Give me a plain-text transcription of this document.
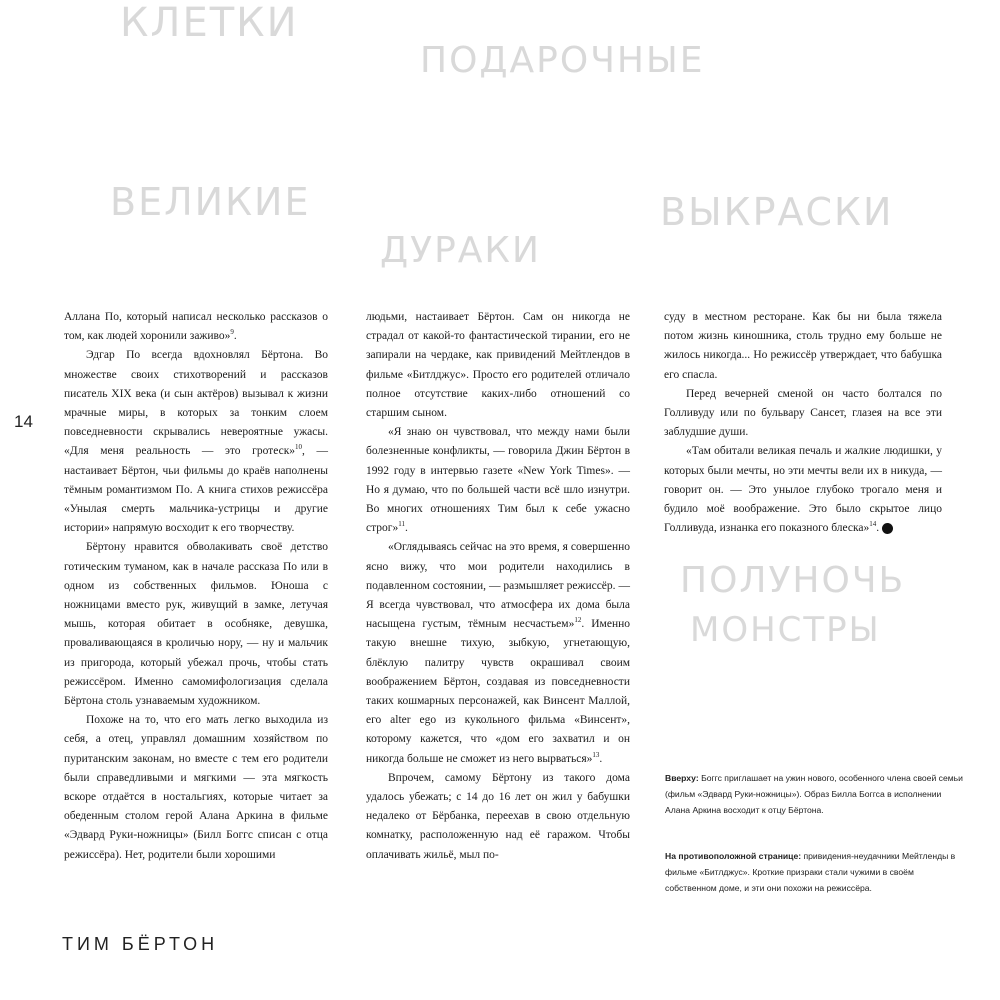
КЛЕТКИ
ПОДАРОЧНЫЕ
ВЕЛИКИЕ
ДУРАКИ
ВЫКРАСКИ
ПОЛУНОЧЬ
МОНСТРЫ
14

Аллана По, который написал несколько рассказов о том, как людей хоронили заживо»$^9$.

Эдгар По всегда вдохновлял Бёртона. Во множестве своих стихотворений и рассказов писатель XIX века (и сын актёров) вызывал к жизни мрачные миры, в которых за тонким слоем повседневности скрывались невероятные ужасы. «Для меня реальность — это гротеск»$^{10}$, — настаивает Бёртон, чьи фильмы до краёв наполнены тёмным романтизмом По. А книга стихов режиссёра «Унылая смерть мальчика-устрицы и другие истории» напрямую восходит к его творчеству.

Бёртону нравится обволакивать своё детство готическим туманом, как в начале рассказа По или в одном из собственных фильмов. Юноша с ножницами вместо рук, живущий в замке, летучая мышь, которая обитает в особняке, девушка, проваливающаяся в кроличью нору, — ну и мальчик из пригорода, который убежал прочь, чтобы стать режиссёром. Именно самомифологизация сделала Бёртона столь узнаваемым художником.

Похоже на то, что его мать легко выходила из себя, а отец, управлял домашним хозяйством по пуританским законам, но вместе с тем его родители были справедливыми и мягкими — эта мягкость вскоре отдаётся в ностальгиях, которые читает за обеденным столом герой Алана Аркина в фильме «Эдвард Руки-ножницы» (Билл Боггс списан с отца режиссёра). Нет, родители были хорошими

людьми, настаивает Бёртон. Сам он никогда не страдал от какой-то фантастической тирании, его не запирали на чердаке, как привидений Мейтлендов в фильме «Битлджус». Просто его родителей отличало полное отсутствие каких-либо отношений со старшим сыном.

«Я знаю он чувствовал, что между нами были болезненные конфликты, — говорила Джин Бёртон в 1992 году в интервью газете «New York Times». — Но я думаю, что по большей части всё шло изнутри. Во многих отношениях Тим был к себе ужасно строг»$^{11}$.

«Оглядываясь сейчас на это время, я совершенно ясно вижу, что мои родители находились в подавленном состоянии, — размышляет режиссёр. — Я всегда чувствовал, что атмосфера их дома была насыщена густым, тёмным несчастьем»$^{12}$. Именно такую внешне тихую, зыбкую, угнетающую, блёклую палитру чувств окрашивал своим воображением Бёртон, создавая из повседневности таких кошмарных персонажей, как Винсент Маллой, его alter ego из кукольного фильма «Винсент», которому кажется, что «дом его захватил и он никогда больше не сможет из него вырваться»$^{13}$.

Впрочем, самому Бёртону из такого дома удалось убежать; с 14 до 16 лет он жил у бабушки недалеко от Бёрбанка, переехав в свою отдельную комнатку, расположенную над её гаражом. Чтобы оплачивать жильё, мыл по-

суду в местном ресторане. Как бы ни была тяжела потом жизнь киношника, столь трудно ему больше не жилось никогда... Но режиссёр утверждает, что бабушка его спасла.

Перед вечерней сменой он часто болтался по Голливуду или по бульвару Сансет, глазея на все эти заблудшие души.

«Там обитали великая печаль и жалкие людишки, у которых были мечты, но эти мечты вели их в никуда, — говорит он. — Это унылое глубоко трогало меня и будило моё воображение. Это было скрытое лицо Голливуда, изнанка его показного блеска»$^{14}$.	✪

Вверху: Боггс приглашает на ужин нового, особенного члена своей семьи (фильм «Эдвард Руки-ножницы»). Образ Билла Боггса в исполнении Алана Аркина восходит к отцу Бёртона.
На противоположной странице: привидения-неудачники Мейтленды в фильме «Битлджус». Кроткие призраки стали чужими в своём собственном доме, и эти они похожи на режиссёра.
ТИМ БЁРТОН
